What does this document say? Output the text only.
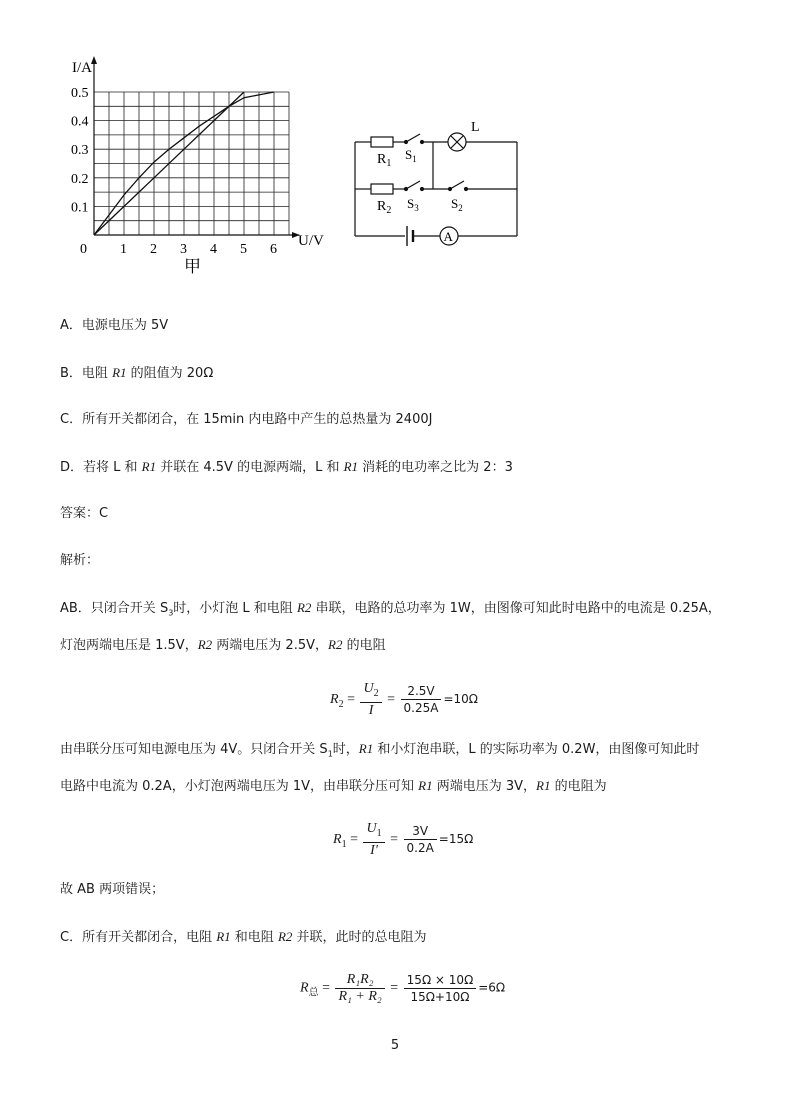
I/A
U/V
0.5
0.4
0.3
0.2
0.1
0 1 2 3 4 5 6
甲
A
L
$R_1$
$S_1$
$R_2$ $S_3$ $S_2$
A．电源电压为 5V
B．电阻 R1 的阻值为 20Ω
C．所有开关都闭合，在 15min 内电路中产生的总热量为 2400J
D．若将 L 和 R1 并联在 4.5V 的电源两端，L 和 R1 消耗的电功率之比为 2：3
答案：C
解析：
AB．只闭合开关 $S_3$时，小灯泡 L 和电阻 R2 串联，电路的总功率为 1W，由图像可知此时电路中的电流是 0.25A，
灯泡两端电压是 1.5V，R2 两端电压为 2.5V，R2 的电阻
$R_2 = \frac{U_2}{I} = \frac{2.5V}{0.25A} =10\Omega$
由串联分压可知电源电压为 4V。只闭合开关 $S_1$时，R1 和小灯泡串联，L 的实际功率为 0.2W，由图像可知此时
电路中电流为 0.2A，小灯泡两端电压为 1V，由串联分压可知 R1 两端电压为 3V，R1 的电阻为
$R_1 = \frac{U_1}{I'} = \frac{3V}{0.2A} =15\Omega$
故 AB 两项错误；
C．所有开关都闭合，电阻 R1 和电阻 R2 并联，此时的总电阻为
$R_总 = \frac{\text{R₁R₂}}{\text{R₁ + R₂}} = \frac{15\Omega \times 10\Omega}{15\Omega+10\Omega} =6\Omega$
5
